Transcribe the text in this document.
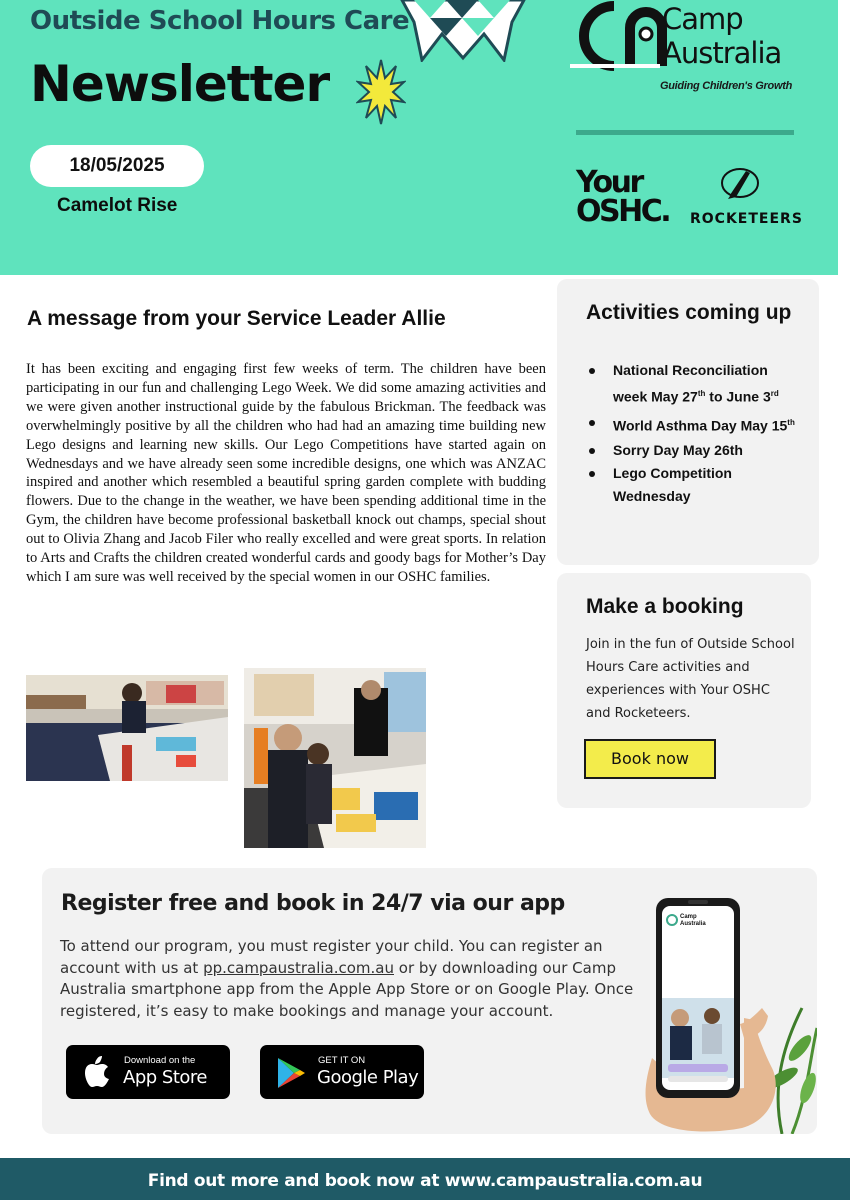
Outside School Hours Care
Newsletter
18/05/2025
Camelot Rise
Camp
Australia
Guiding Children's Growth
Your
OSHC. ROCKETEERS
A message from your Service Leader Allie
It has been exciting and engaging first few weeks of term. The children have been participating in our fun and challenging Lego Week. We did some amazing activities and we were given another instructional guide by the fabulous Brickman. The feedback was overwhelmingly positive by all the children who had had an amazing time building new Lego designs and learning new skills. Our Lego Competitions have started again on Wednesdays and we have already seen some incredible designs, one which was ANZAC inspired and another which resembled a beautiful spring garden complete with budding flowers. Due to the change in the weather, we have been spending additional time in the Gym, the children have become professional basketball knock out champs, special shout out to Olivia Zhang and Jacob Filer who really excelled and were great sports. In relation to Arts and Crafts the children created wonderful cards and goody bags for Mother’s Day which I am sure was well received by the special women in our OSHC families.
Activities coming up
National Reconciliation week May 27th to June 3rd
World Asthma Day May 15th
Sorry Day May 26th
Lego Competition Wednesday
Make a booking
Join in the fun of Outside School Hours Care activities and experiences with Your OSHC and Rocketeers.
Book now
Register free and book in 24/7 via our app
To attend our program, you must register your child. You can register an account with us at pp.campaustralia.com.au or by downloading our Camp Australia smartphone app from the Apple App Store or on Google Play. Once registered, it’s easy to make bookings and manage your account.
Download on the
App Store
GET IT ON
Google Play
Camp
Australia
Find out more and book now at www.campaustralia.com.au
